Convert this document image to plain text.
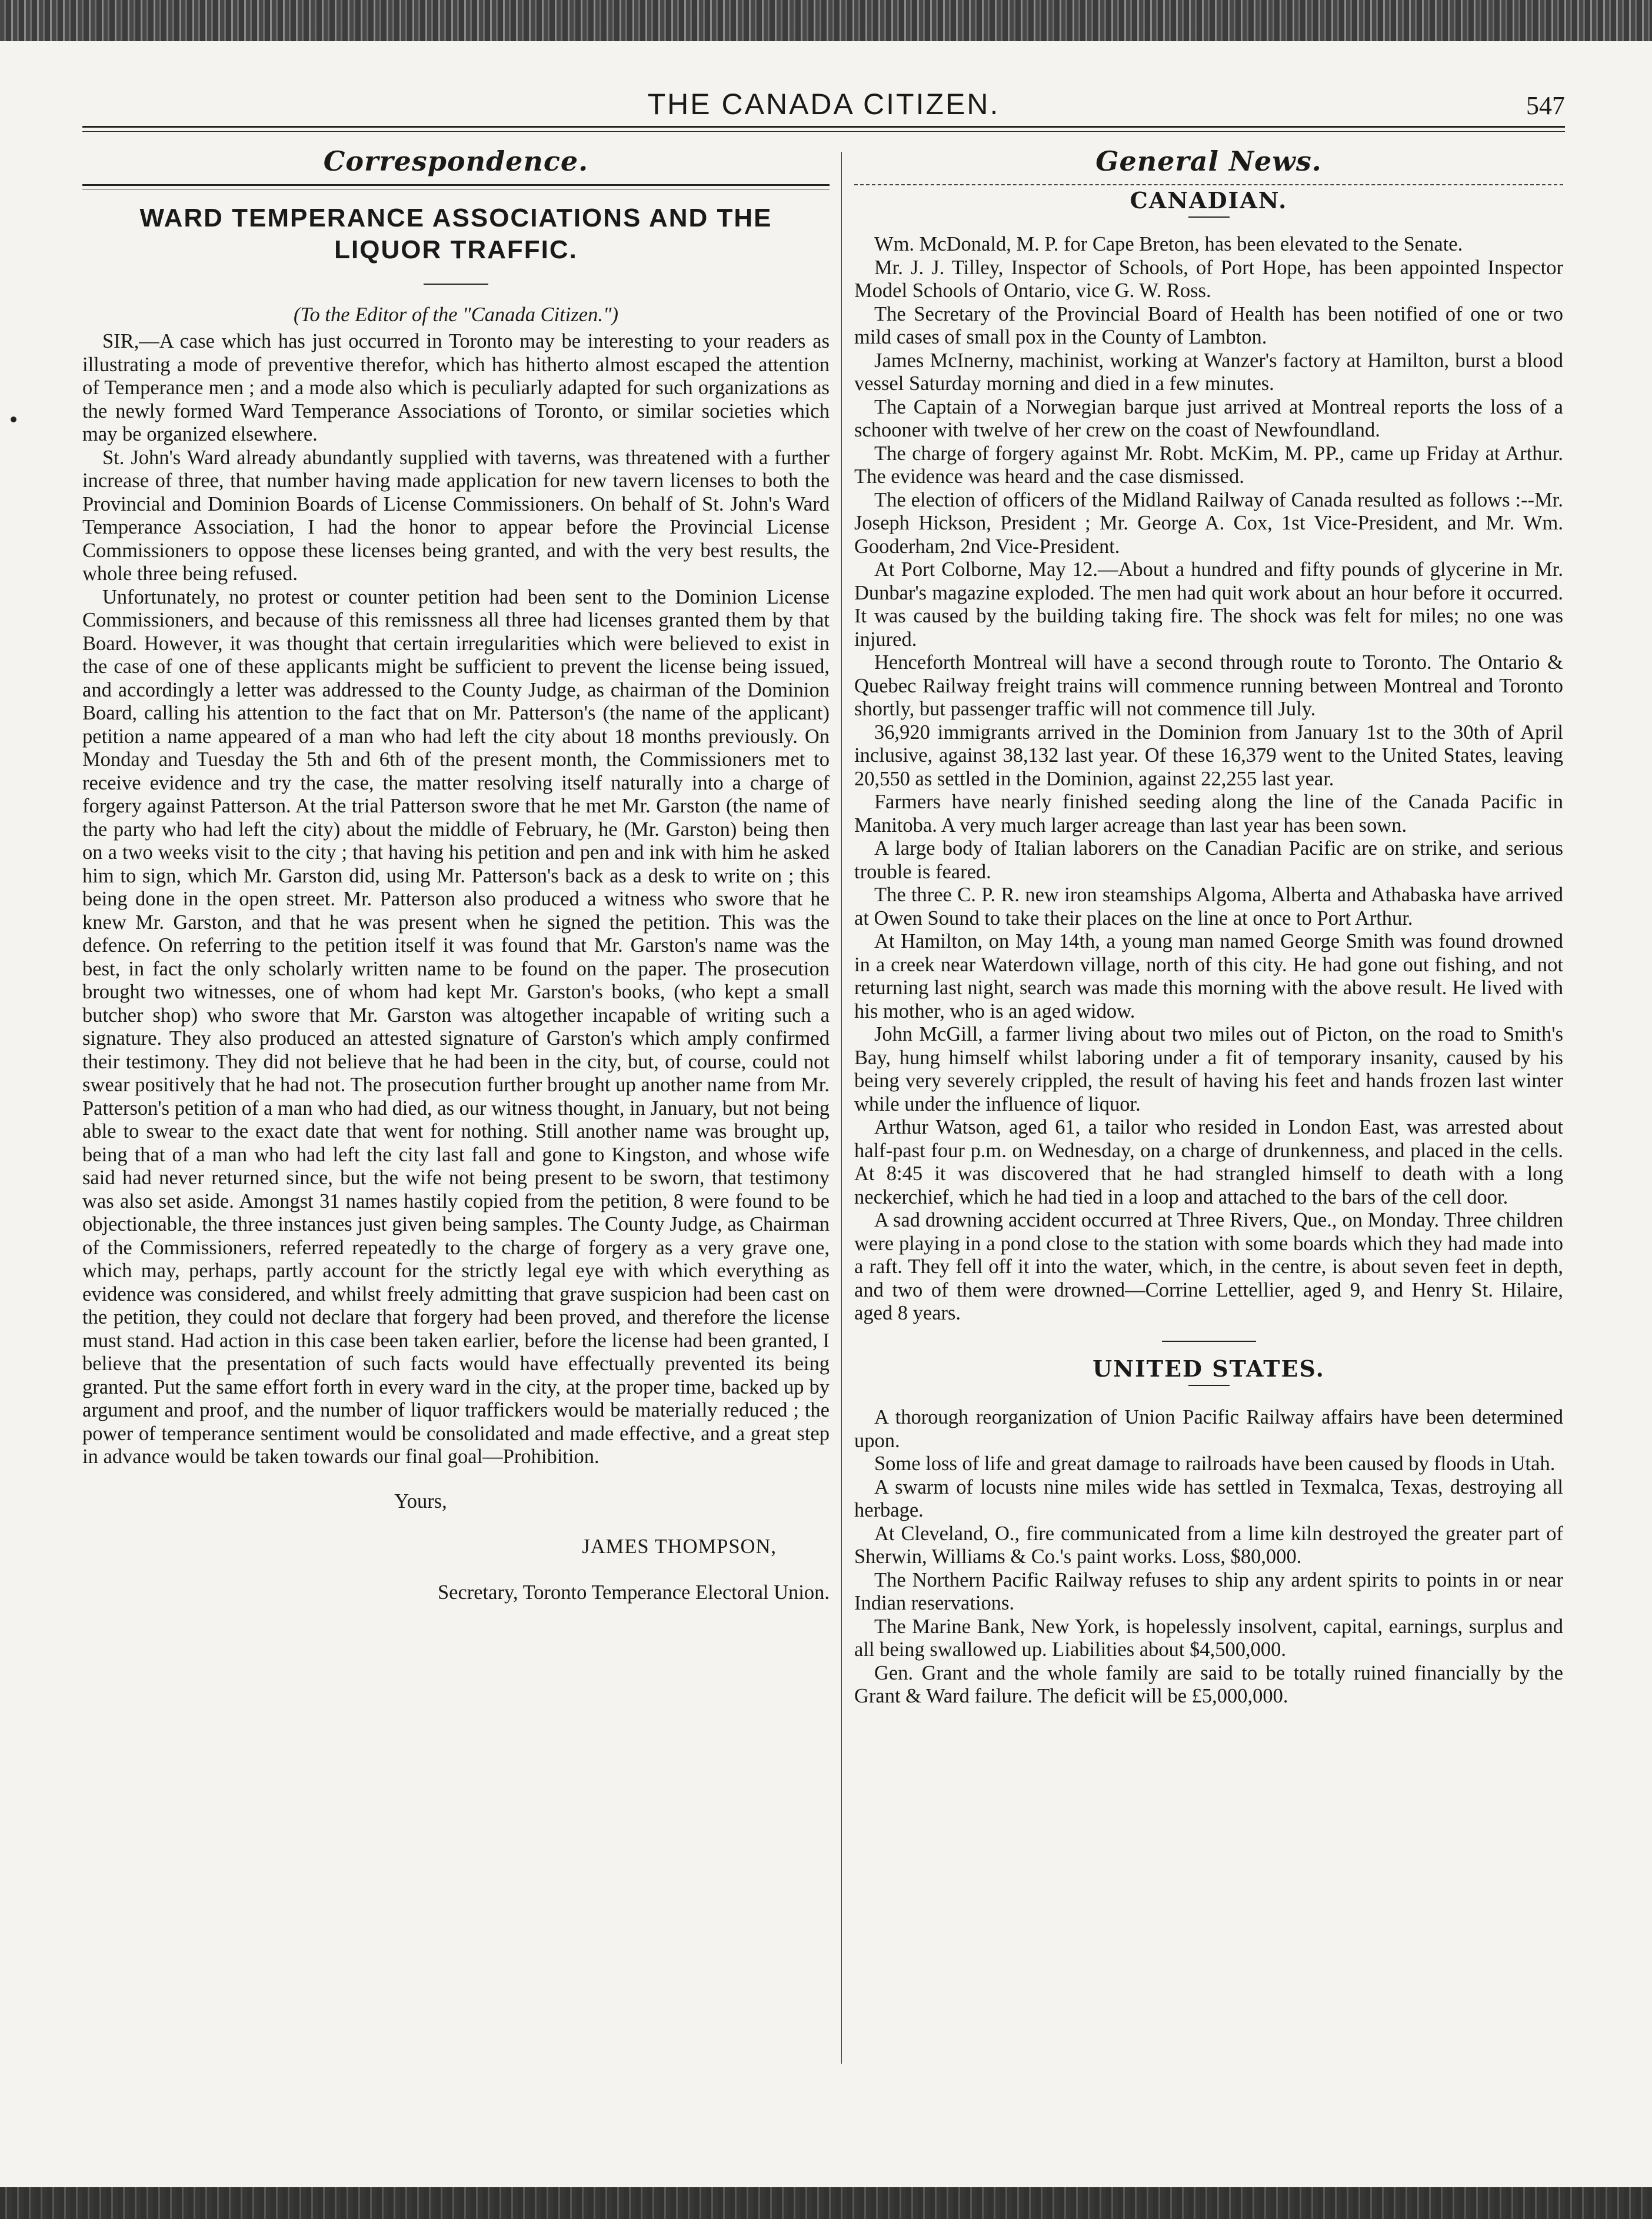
THE CANADA CITIZEN.	547
Correspondence.
WARD TEMPERANCE ASSOCIATIONS AND THE LIQUOR TRAFFIC.
(To the Editor of the "Canada Citizen.")

SIR,—A case which has just occurred in Toronto may be interesting to your readers as illustrating a mode of preventive therefor, which has hitherto almost escaped the attention of Temperance men ; and a mode also which is peculiarly adapted for such organizations as the newly formed Ward Temperance Associations of Toronto, or similar societies which may be organized elsewhere.

St. John's Ward already abundantly supplied with taverns, was threatened with a further increase of three, that number having made application for new tavern licenses to both the Provincial and Dominion Boards of License Commissioners. On behalf of St. John's Ward Temperance Association, I had the honor to appear before the Provincial License Commissioners to oppose these licenses being granted, and with the very best results, the whole three being refused.

Unfortunately, no protest or counter petition had been sent to the Dominion License Commissioners, and because of this remissness all three had licenses granted them by that Board. However, it was thought that certain irregularities which were believed to exist in the case of one of these applicants might be sufficient to prevent the license being issued, and accordingly a letter was addressed to the County Judge, as chairman of the Dominion Board, calling his attention to the fact that on Mr. Patterson's (the name of the applicant) petition a name appeared of a man who had left the city about 18 months previously. On Monday and Tuesday the 5th and 6th of the present month, the Commissioners met to receive evidence and try the case, the matter resolving itself naturally into a charge of forgery against Patterson. At the trial Patterson swore that he met Mr. Garston (the name of the party who had left the city) about the middle of February, he (Mr. Garston) being then on a two weeks visit to the city ; that having his petition and pen and ink with him he asked him to sign, which Mr. Garston did, using Mr. Patterson's back as a desk to write on ; this being done in the open street. Mr. Patterson also produced a witness who swore that he knew Mr. Garston, and that he was present when he signed the petition. This was the defence. On referring to the petition itself it was found that Mr. Garston's name was the best, in fact the only scholarly written name to be found on the paper. The prosecution brought two witnesses, one of whom had kept Mr. Garston's books, (who kept a small butcher shop) who swore that Mr. Garston was altogether incapable of writing such a signature. They also produced an attested signature of Garston's which amply confirmed their testimony. They did not believe that he had been in the city, but, of course, could not swear positively that he had not. The prosecution further brought up another name from Mr. Patterson's petition of a man who had died, as our witness thought, in January, but not being able to swear to the exact date that went for nothing. Still another name was brought up, being that of a man who had left the city last fall and gone to Kingston, and whose wife said had never returned since, but the wife not being present to be sworn, that testimony was also set aside. Amongst 31 names hastily copied from the petition, 8 were found to be objectionable, the three instances just given being samples. The County Judge, as Chairman of the Commissioners, referred repeatedly to the charge of forgery as a very grave one, which may, perhaps, partly account for the strictly legal eye with which everything as evidence was considered, and whilst freely admitting that grave suspicion had been cast on the petition, they could not declare that forgery had been proved, and therefore the license must stand. Had action in this case been taken earlier, before the license had been granted, I believe that the presentation of such facts would have effectually prevented its being granted. Put the same effort forth in every ward in the city, at the proper time, backed up by argument and proof, and the number of liquor traffickers would be materially reduced ; the power of temperance sentiment would be consolidated and made effective, and a great step in advance would be taken towards our final goal—Prohibition.

Yours,

JAMES THOMPSON,

Secretary, Toronto Temperance Electoral Union.

General News.
CANADIAN.

Wm. McDonald, M. P. for Cape Breton, has been elevated to the Senate.

Mr. J. J. Tilley, Inspector of Schools, of Port Hope, has been appointed Inspector Model Schools of Ontario, vice G. W. Ross.

The Secretary of the Provincial Board of Health has been notified of one or two mild cases of small pox in the County of Lambton.

James McInerny, machinist, working at Wanzer's factory at Hamilton, burst a blood vessel Saturday morning and died in a few minutes.

The Captain of a Norwegian barque just arrived at Montreal reports the loss of a schooner with twelve of her crew on the coast of Newfoundland.

The charge of forgery against Mr. Robt. McKim, M. PP., came up Friday at Arthur. The evidence was heard and the case dismissed.

The election of officers of the Midland Railway of Canada resulted as follows :--Mr. Joseph Hickson, President ; Mr. George A. Cox, 1st Vice-President, and Mr. Wm. Gooderham, 2nd Vice-President.

At Port Colborne, May 12.—About a hundred and fifty pounds of glycerine in Mr. Dunbar's magazine exploded. The men had quit work about an hour before it occurred. It was caused by the building taking fire. The shock was felt for miles; no one was injured.

Henceforth Montreal will have a second through route to Toronto. The Ontario & Quebec Railway freight trains will commence running between Montreal and Toronto shortly, but passenger traffic will not commence till July.

36,920 immigrants arrived in the Dominion from January 1st to the 30th of April inclusive, against 38,132 last year. Of these 16,379 went to the United States, leaving 20,550 as settled in the Dominion, against 22,255 last year.

Farmers have nearly finished seeding along the line of the Canada Pacific in Manitoba. A very much larger acreage than last year has been sown.

A large body of Italian laborers on the Canadian Pacific are on strike, and serious trouble is feared.

The three C. P. R. new iron steamships Algoma, Alberta and Athabaska have arrived at Owen Sound to take their places on the line at once to Port Arthur.

At Hamilton, on May 14th, a young man named George Smith was found drowned in a creek near Waterdown village, north of this city. He had gone out fishing, and not returning last night, search was made this morning with the above result. He lived with his mother, who is an aged widow.

John McGill, a farmer living about two miles out of Picton, on the road to Smith's Bay, hung himself whilst laboring under a fit of temporary insanity, caused by his being very severely crippled, the result of having his feet and hands frozen last winter while under the influence of liquor.

Arthur Watson, aged 61, a tailor who resided in London East, was arrested about half-past four p.m. on Wednesday, on a charge of drunkenness, and placed in the cells. At 8:45 it was discovered that he had strangled himself to death with a long neckerchief, which he had tied in a loop and attached to the bars of the cell door.

A sad drowning accident occurred at Three Rivers, Que., on Monday. Three children were playing in a pond close to the station with some boards which they had made into a raft. They fell off it into the water, which, in the centre, is about seven feet in depth, and two of them were drowned—Corrine Lettellier, aged 9, and Henry St. Hilaire, aged 8 years.

UNITED STATES.

A thorough reorganization of Union Pacific Railway affairs have been determined upon.

Some loss of life and great damage to railroads have been caused by floods in Utah.

A swarm of locusts nine miles wide has settled in Texmalca, Texas, destroying all herbage.

At Cleveland, O., fire communicated from a lime kiln destroyed the greater part of Sherwin, Williams & Co.'s paint works. Loss, $80,000.

The Northern Pacific Railway refuses to ship any ardent spirits to points in or near Indian reservations.

The Marine Bank, New York, is hopelessly insolvent, capital, earnings, surplus and all being swallowed up. Liabilities about $4,500,000.

Gen. Grant and the whole family are said to be totally ruined financially by the Grant & Ward failure. The deficit will be £5,000,000.
